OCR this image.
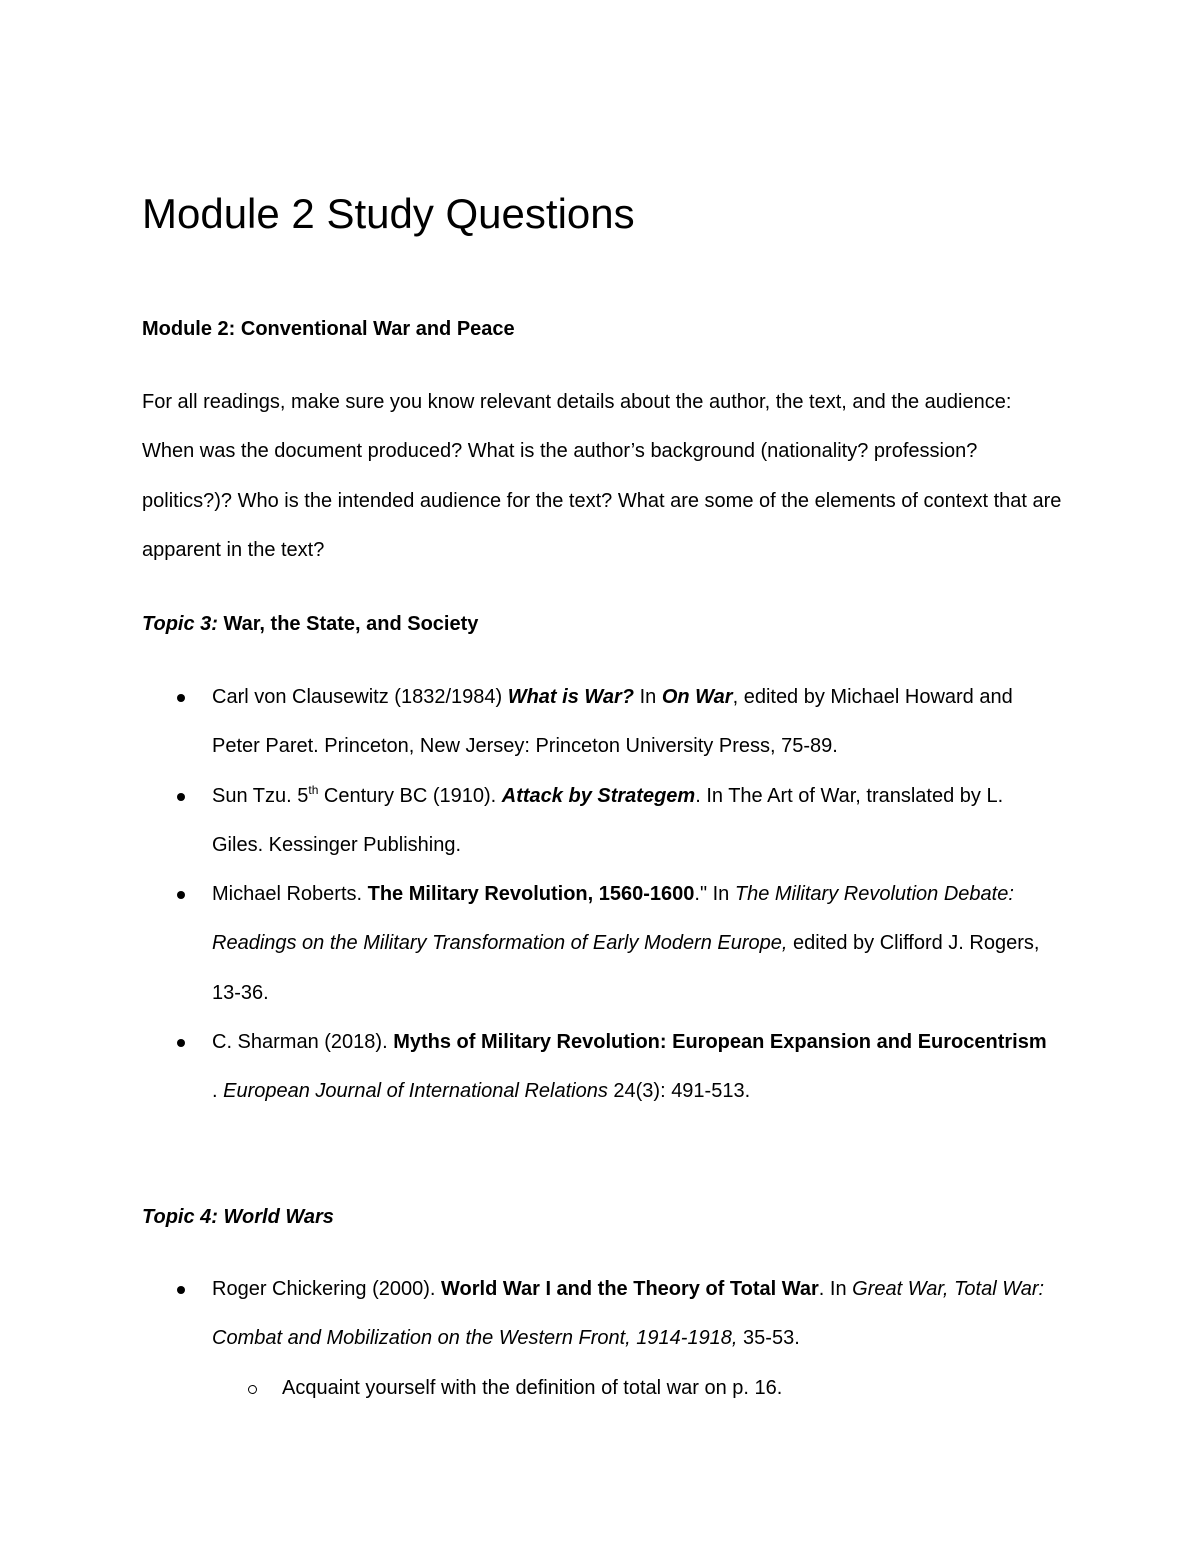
Module 2 Study Questions
Module 2: Conventional War and Peace

For all readings, make sure you know relevant details about the author, the text, and the audience: When was the document produced? What is the author’s background (nationality? profession? politics?)? Who is the intended audience for the text? What are some of the elements of context that are apparent in the text?

Topic 3: War, the State, and Society
Carl von Clausewitz (1832/1984) What is War? In On War, edited by Michael Howard and Peter Paret. Princeton, New Jersey: Princeton University Press, 75-89.
Sun Tzu. 5th Century BC (1910). Attack by Strategem. In The Art of War, translated by L. Giles. Kessinger Publishing.
Michael Roberts. The Military Revolution, 1560-1600." In The Military Revolution Debate: Readings on the Military Transformation of Early Modern Europe, edited by Clifford J. Rogers, 13-36.
C. Sharman (2018). Myths of Military Revolution: European Expansion and Eurocentrism . European Journal of International Relations 24(3): 491-513.
Topic 4: World Wars
Roger Chickering (2000). World War I and the Theory of Total War. In Great War, Total War: Combat and Mobilization on the Western Front, 1914-1918, 35-53.
Acquaint yourself with the definition of total war on p. 16.
